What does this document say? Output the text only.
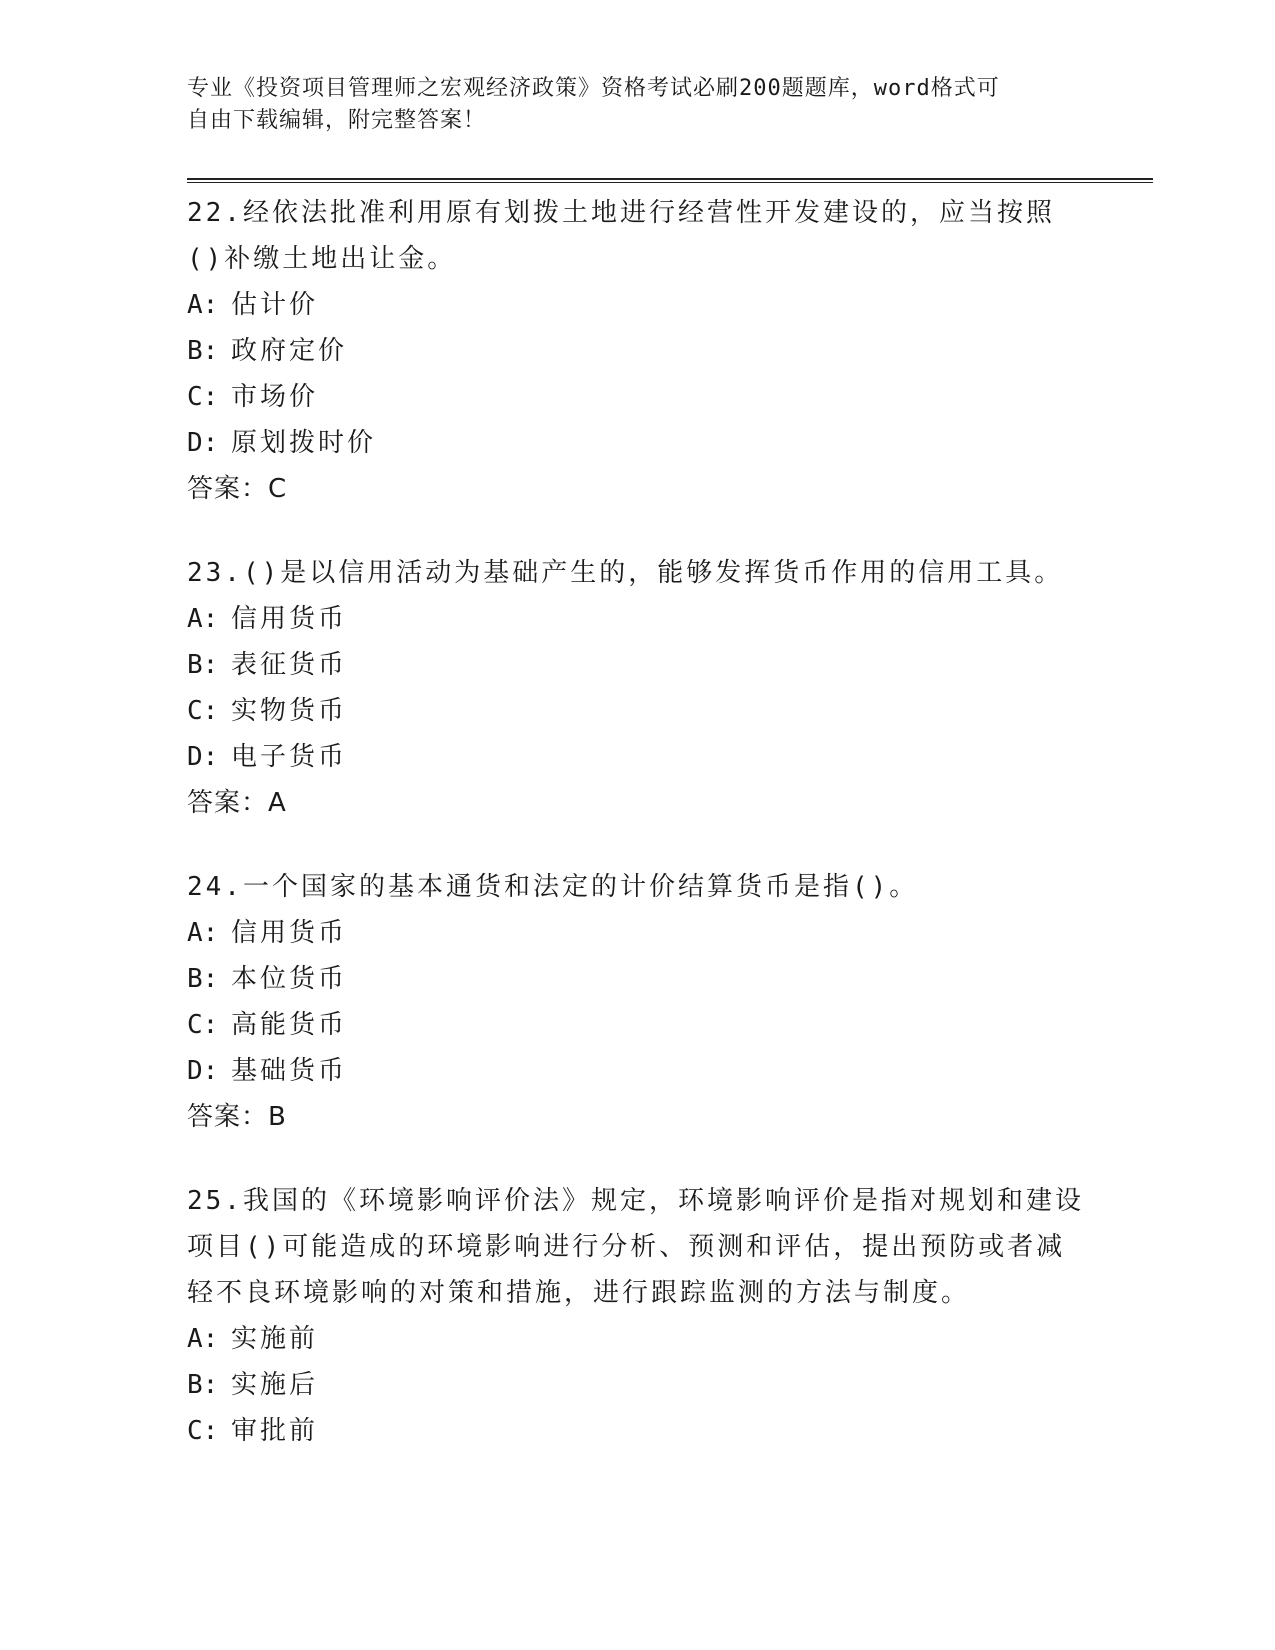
专业《投资项目管理师之宏观经济政策》资格考试必刷200题题库，word格式可
自由下载编辑，附完整答案！

22.经依法批准利用原有划拨土地进行经营性开发建设的，应当按照()补缴土地出让金。

A: 估计价

B: 政府定价

C: 市场价

D: 原划拨时价

答案：C

23.()是以信用活动为基础产生的，能够发挥货币作用的信用工具。

A: 信用货币

B: 表征货币

C: 实物货币

D: 电子货币

答案：A

24.一个国家的基本通货和法定的计价结算货币是指()。

A: 信用货币

B: 本位货币

C: 高能货币

D: 基础货币

答案：B

25.我国的《环境影响评价法》规定，环境影响评价是指对规划和建设项目()可能造成的环境影响进行分析、预测和评估，提出预防或者减轻不良环境影响的对策和措施，进行跟踪监测的方法与制度。

A: 实施前

B: 实施后

C: 审批前
